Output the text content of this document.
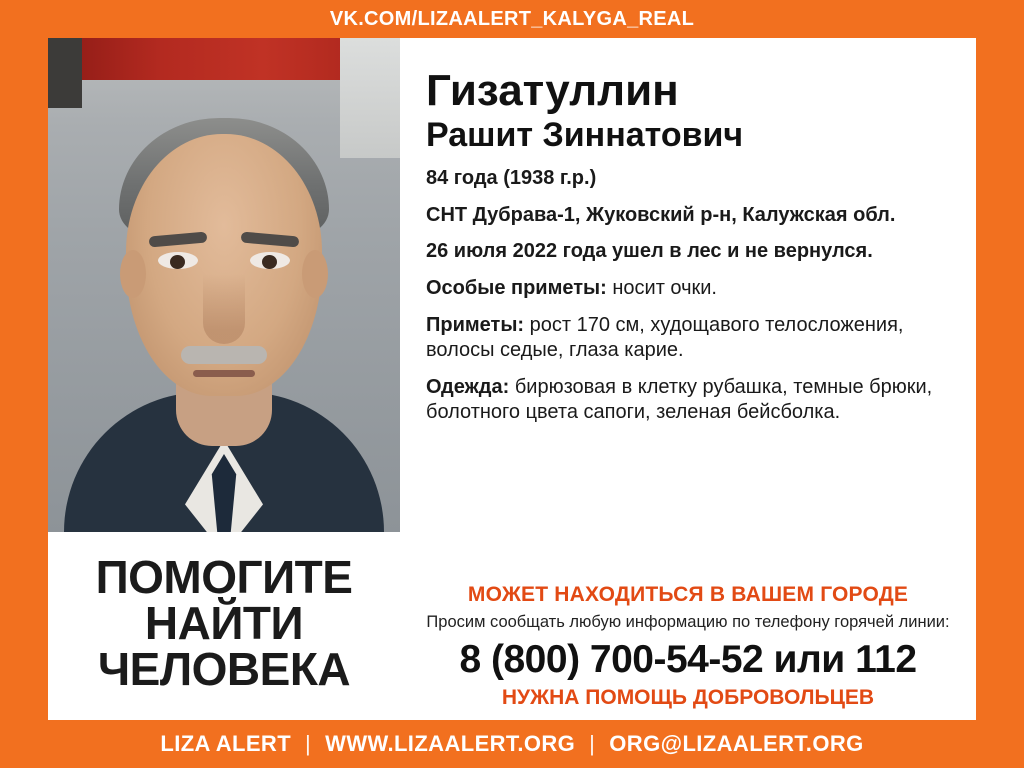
VK.COM/LIZAALERT_KALYGA_REAL
ПОМОГИТЕ
НАЙТИ
ЧЕЛОВЕКА
Гизатуллин
Рашит Зиннатович
84 года (1938 г.р.)
СНТ Дубрава-1, Жуковский р-н, Калужская обл.
26 июля 2022 года ушел в лес и не вернулся.
Особые приметы: носит очки.
Приметы: рост 170 см, худощавого телосложения, волосы седые, глаза карие.
Одежда: бирюзовая в клетку рубашка, темные брюки, болотного цвета сапоги, зеленая бейсболка.
МОЖЕТ НАХОДИТЬСЯ В ВАШЕМ ГОРОДЕ
Просим сообщать любую информацию по телефону горячей линии:
8 (800) 700-54-52 или 112
НУЖНА ПОМОЩЬ ДОБРОВОЛЬЦЕВ
LIZA ALERT | WWW.LIZAALERT.ORG | ORG@LIZAALERT.ORG
